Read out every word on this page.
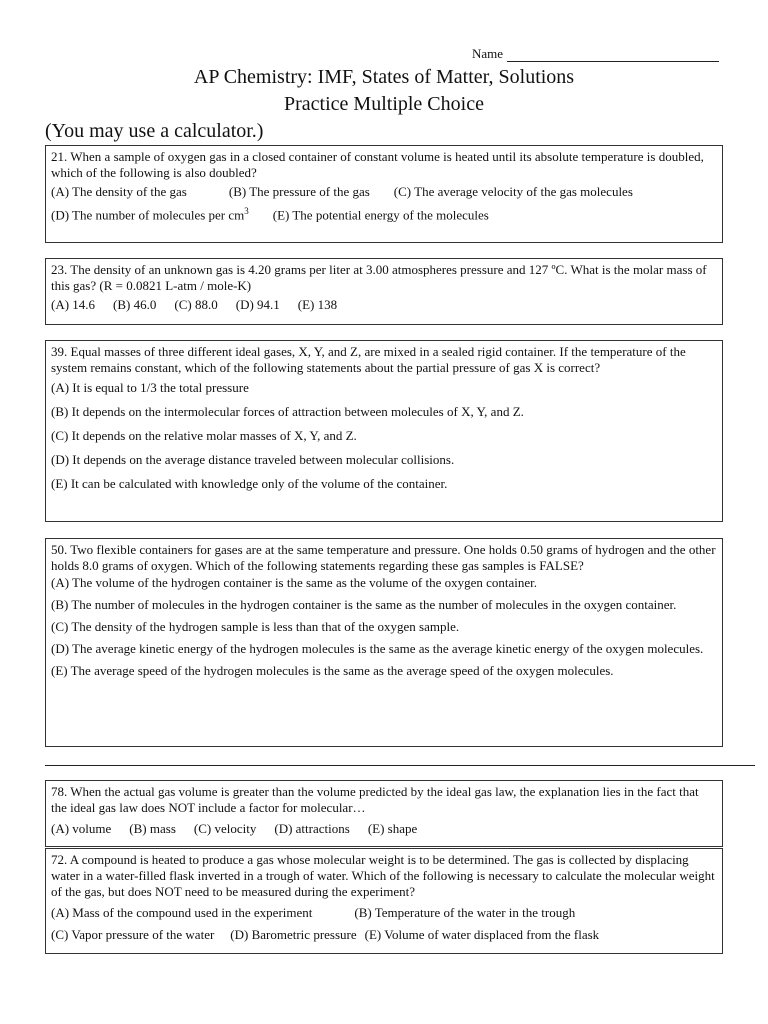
Name
AP Chemistry: IMF, States of Matter, Solutions
Practice Multiple Choice
(You may use a calculator.)

21. When a sample of oxygen gas in a closed container of constant volume is heated until its absolute temperature is doubled, which of the following is also doubled?

(A) The density of the gas	(B) The pressure of the gas (C) The average velocity of the gas molecules

(D) The number of molecules per $cm^3$ (E) The potential energy of the molecules

23. The density of an unknown gas is 4.20 grams per liter at 3.00 atmospheres pressure and 127 ºC. What is the molar mass of this gas? (R = 0.0821 L-atm / mole-K)

(A) 14.6 (B) 46.0 (C) 88.0 (D) 94.1 (E) 138

39. Equal masses of three different ideal gases, X, Y, and Z, are mixed in a sealed rigid container. If the temperature of the system remains constant, which of the following statements about the partial pressure of gas X is correct?

(A) It is equal to 1/3 the total pressure

(B) It depends on the intermolecular forces of attraction between molecules of X, Y, and Z.

(C) It depends on the relative molar masses of X, Y, and Z.

(D) It depends on the average distance traveled between molecular collisions.

(E) It can be calculated with knowledge only of the volume of the container.

50. Two flexible containers for gases are at the same temperature and pressure. One holds 0.50 grams of hydrogen and the other holds 8.0 grams of oxygen. Which of the following statements regarding these gas samples is FALSE?

(A) The volume of the hydrogen container is the same as the volume of the oxygen container.

(B) The number of molecules in the hydrogen container is the same as the number of molecules in the oxygen container.

(C) The density of the hydrogen sample is less than that of the oxygen sample.

(D) The average kinetic energy of the hydrogen molecules is the same as the average kinetic energy of the oxygen molecules.

(E) The average speed of the hydrogen molecules is the same as the average speed of the oxygen molecules.

78. When the actual gas volume is greater than the volume predicted by the ideal gas law, the explanation lies in the fact that the ideal gas law does NOT include a factor for molecular…

(A) volume (B) mass (C) velocity (D) attractions (E) shape

72. A compound is heated to produce a gas whose molecular weight is to be determined. The gas is collected by displacing water in a water-filled flask inverted in a trough of water. Which of the following is necessary to calculate the molecular weight of the gas, but does NOT need to be measured during the experiment?

(A) Mass of the compound used in the experiment	(B) Temperature of the water in the trough

(C) Vapor pressure of the water (D) Barometric pressure (E) Volume of water displaced from the flask
